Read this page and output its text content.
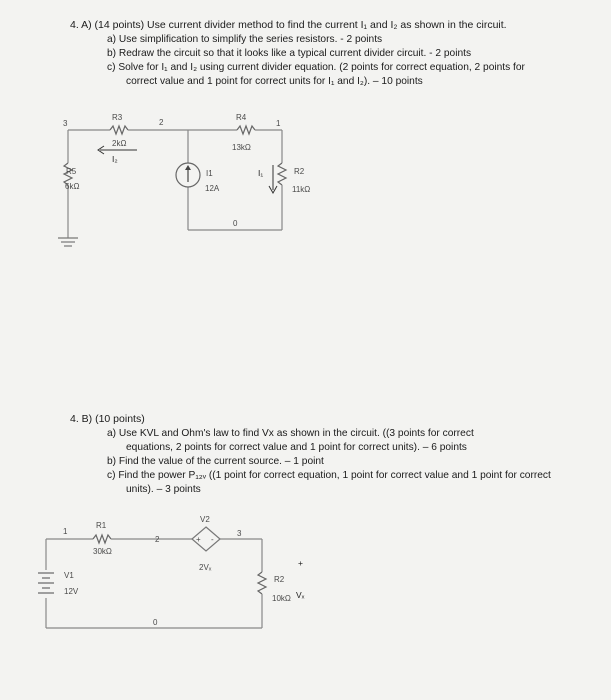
4. A) (14 points) Use current divider method to find the current I₁ and I₂ as shown in the circuit.
a) Use simplification to simplify the series resistors. - 2 points
b) Redraw the circuit so that it looks like a typical current divider circuit. - 2 points
c) Solve for I₁ and I₂ using current divider equation. (2 points for correct equation, 2 points for
correct value and 1 point for correct units for I₁ and I₂). – 10 points
3	2	1
0
R3
2kΩ
I₂
R4
13kΩ
I₁	R2
11kΩ
R5
6kΩ
I1
12A
4. B) (10 points)
a) Use KVL and Ohm's law to find Vx as shown in the circuit. ((3 points for correct
equations, 2 points for correct value and 1 point for correct units). – 6 points
b) Find the value of the current source. – 1 point
c) Find the power P₁₂ᵥ ((1 point for correct equation, 1 point for correct value and 1 point for correct
units). – 3 points
1
2
3
0
R1
30kΩ
V2
2Vₓ
+ -
V1
12V
R2
10kΩ Vₓ
+
